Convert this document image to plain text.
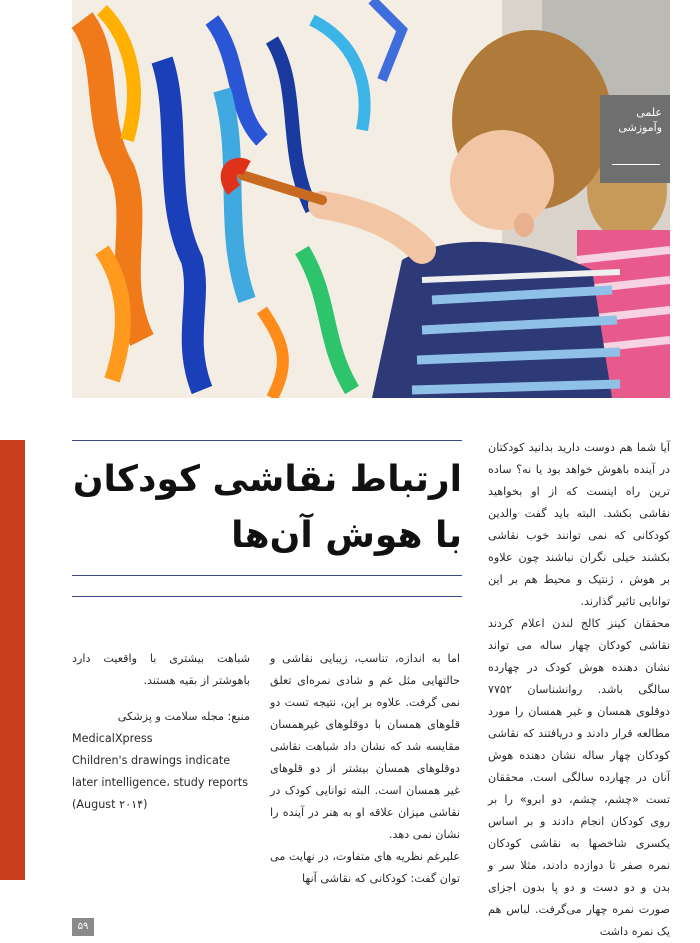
علمی
وآموزشی
ارتباط نقاشی کودکان
با هوش آن‌ها

آیا شما هم دوست دارید بدانید کودکتان در آینده باهوش خواهد بود یا نه؟ ساده ترین راه اینست که از او بخواهید نقاشی بکشد. البته باید گفت والدین کودکانی که نمی توانند خوب نقاشی بکشند خیلی نگران نباشند چون علاوه بر هوش ، ژنتیک و محیط هم بر این توانایی تاثیر گذارند.

محققان کینز کالج لندن اعلام کردند نقاشی کودکان چهار ساله می تواند نشان دهنده هوش کودک در چهارده سالگی باشد. روانشناسان ۷۷۵۲ دوقلوی همسان و غیر همسان را مورد مطالعه قرار دادند و دریافتند که نقاشی کودکان چهار ساله نشان دهنده هوش آنان در چهارده سالگی است. محققان تست «چشم، چشم، دو ابرو» را بر روی کودکان انجام دادند و بر اساس یکسری شاخصها به نقاشی کودکان نمره صفر تا دوازده دادند، مثلا سر و بدن و دو دست و دو پا بدون اجزای صورت نمره چهار می‌گرفت. لباس هم یک نمره داشت

اما به اندازه، تناسب، زیبایی نقاشی و حالتهایی مثل غم و شادی نمره‌ای تعلق نمی گرفت. علاوه بر این، نتیجه تست دو قلوهای همسان با دوقلوهای غیرهمسان مقایسه شد که نشان داد شباهت نقاشی دوقلوهای همسان بیشتر از دو قلوهای غیر همسان است. البته توانایی کودک در نقاشی میزان علاقه او به هنر در آینده را نشان نمی دهد.

علیرغم نظریه های متفاوت، در نهایت می توان گفت: کودکانی که نقاشی آنها

شباهت بیشتری با واقعیت دارد باهوشتر از بقیه هستند.

منبع: مجله سلامت و پزشکی
MedicalXpress
Children's drawings indicate later intelligence، study reports (August ۲۰۱۴)
۵۹
